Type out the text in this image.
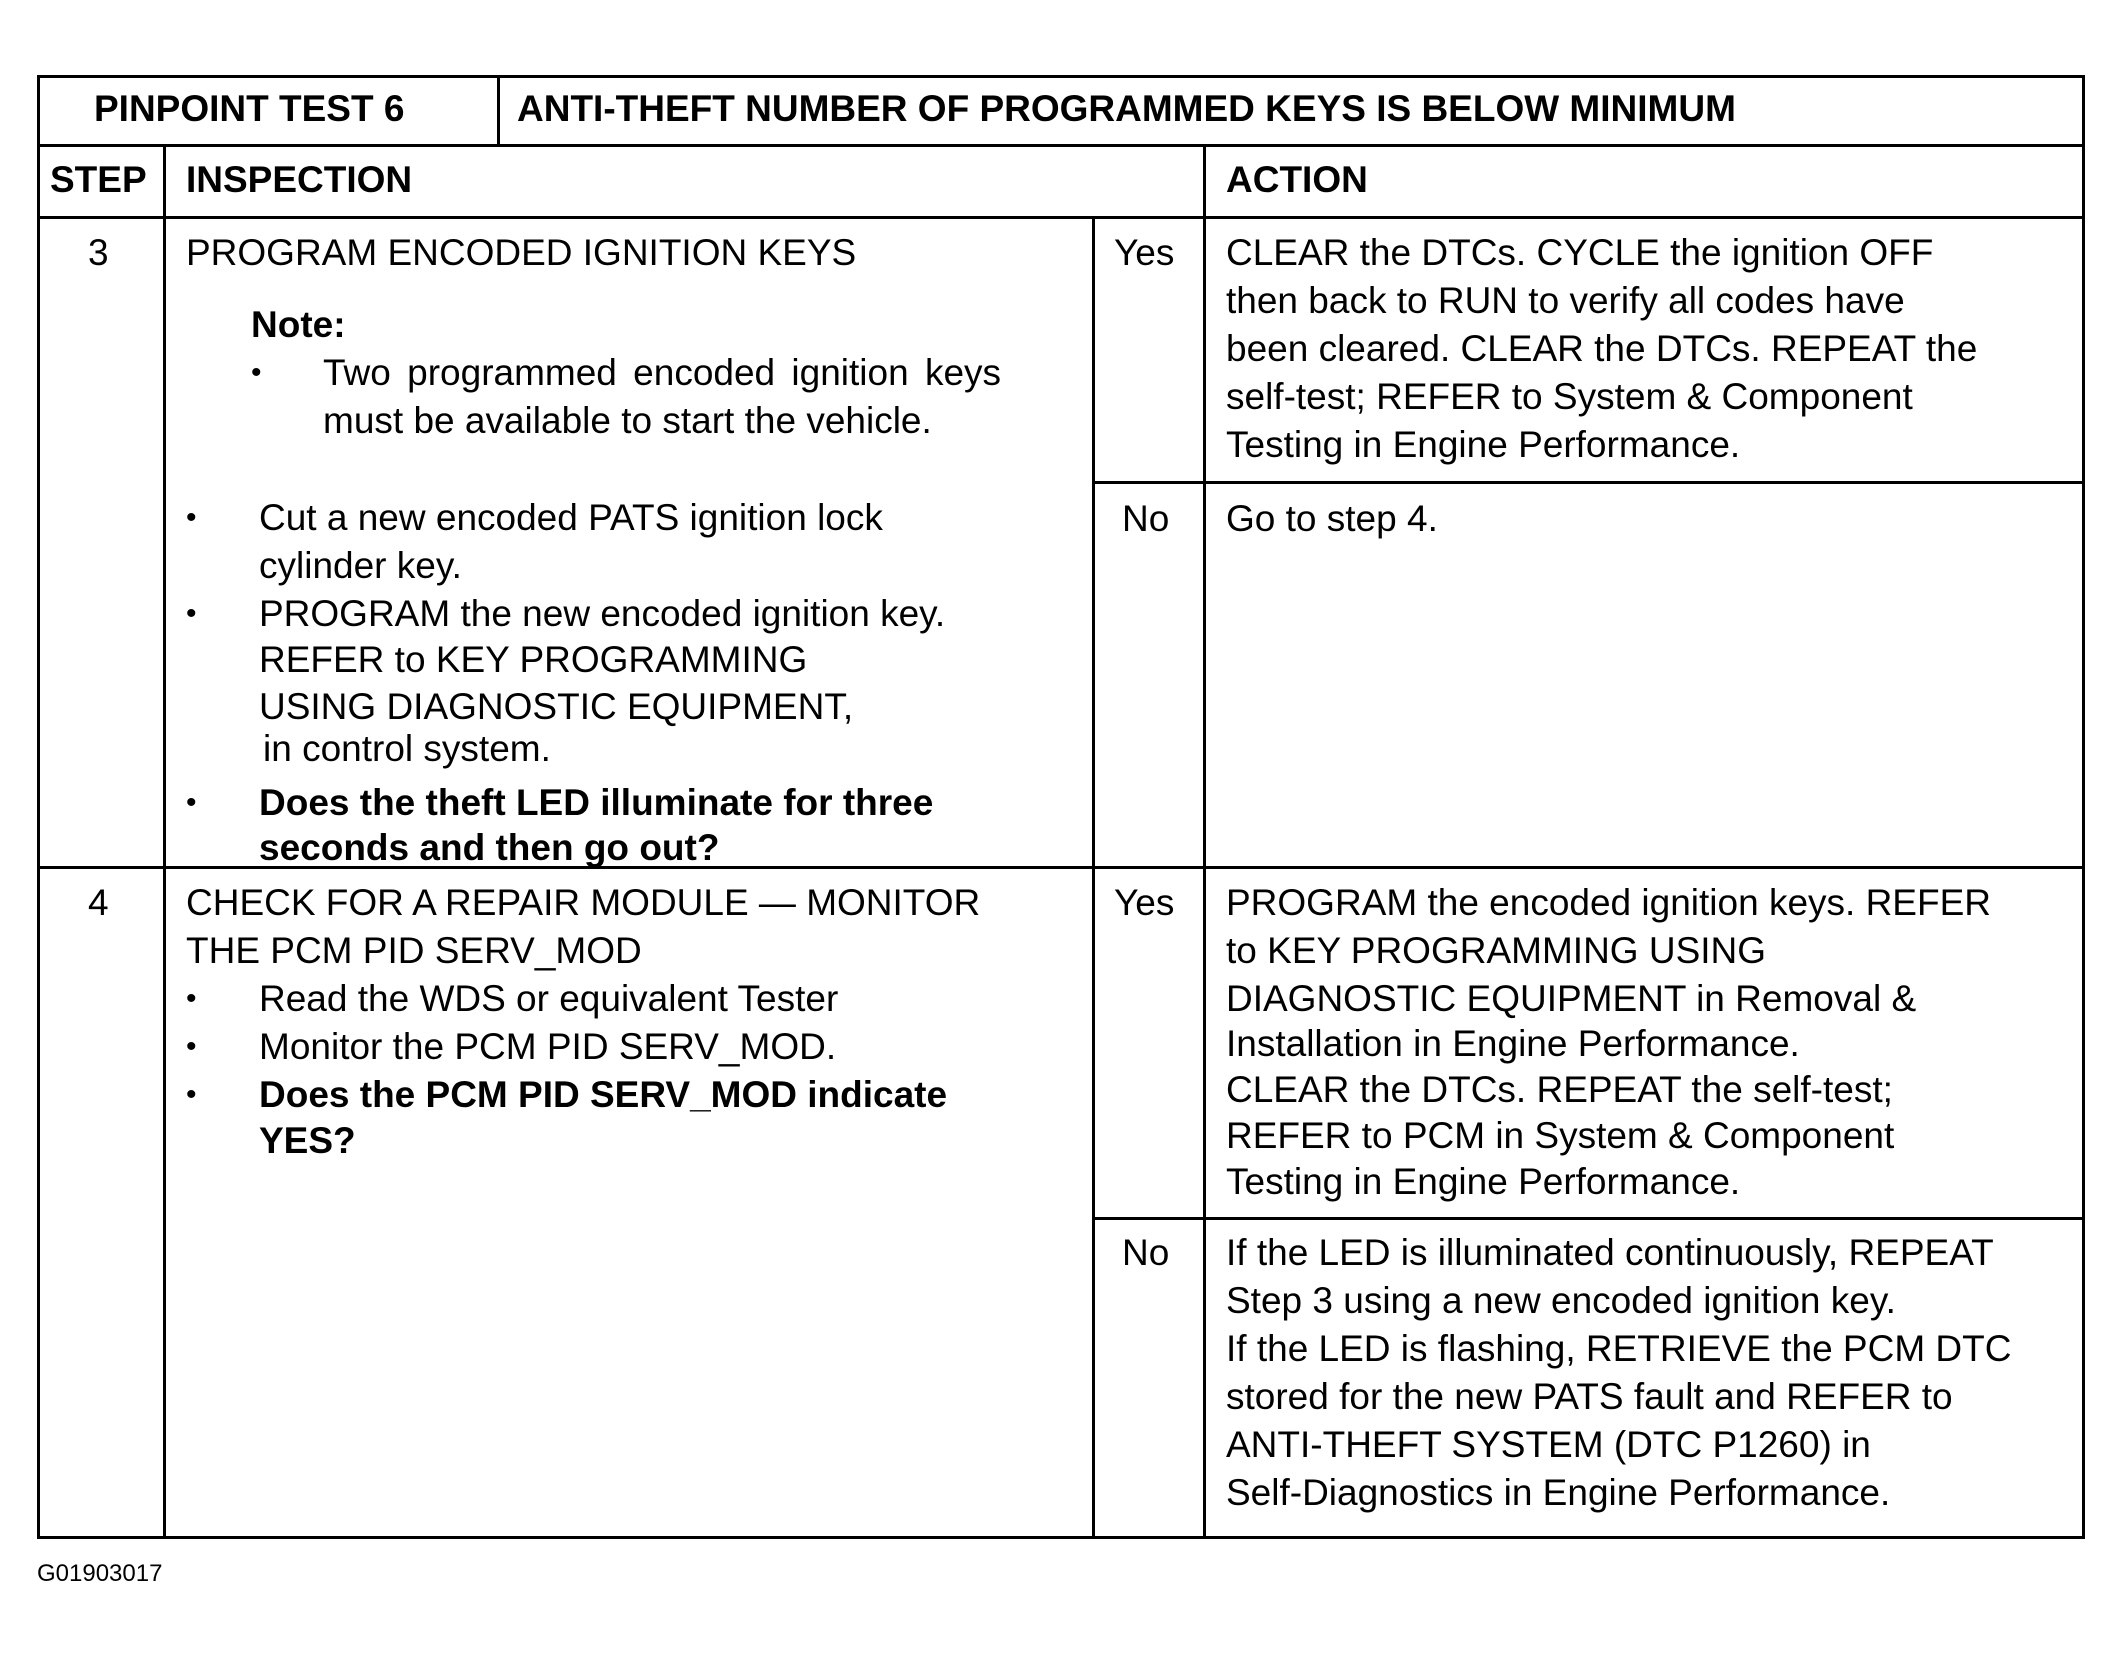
PINPOINT TEST 6	ANTI-THEFT NUMBER OF PROGRAMMED KEYS IS BELOW MINIMUM
STEP INSPECTION	ACTION
3 PROGRAM ENCODED IGNITION KEYS
Note:
• Two programmed encoded ignition keys
must be available to start the vehicle.
• Cut a new encoded PATS ignition lock
cylinder key.
• PROGRAM the new encoded ignition key.
REFER to KEY PROGRAMMING
USING DIAGNOSTIC EQUIPMENT,
in control system.
• Does the theft LED illuminate for three
seconds and then go out?
Yes CLEAR the DTCs. CYCLE the ignition OFF
then back to RUN to verify all codes have
been cleared. CLEAR the DTCs. REPEAT the
self-test; REFER to System & Component
Testing in Engine Performance.
No Go to step 4.
4 CHECK FOR A REPAIR MODULE — MONITOR
THE PCM PID SERV_MOD
• Read the WDS or equivalent Tester
• Monitor the PCM PID SERV_MOD.
• Does the PCM PID SERV_MOD indicate
YES?
Yes PROGRAM the encoded ignition keys. REFER
to KEY PROGRAMMING USING
DIAGNOSTIC EQUIPMENT in Removal &
Installation in Engine Performance.
CLEAR the DTCs. REPEAT the self-test;
REFER to PCM in System & Component
Testing in Engine Performance.
No If the LED is illuminated continuously, REPEAT
Step 3 using a new encoded ignition key.
If the LED is flashing, RETRIEVE the PCM DTC
stored for the new PATS fault and REFER to
ANTI-THEFT SYSTEM (DTC P1260) in
Self-Diagnostics in Engine Performance.
G01903017
